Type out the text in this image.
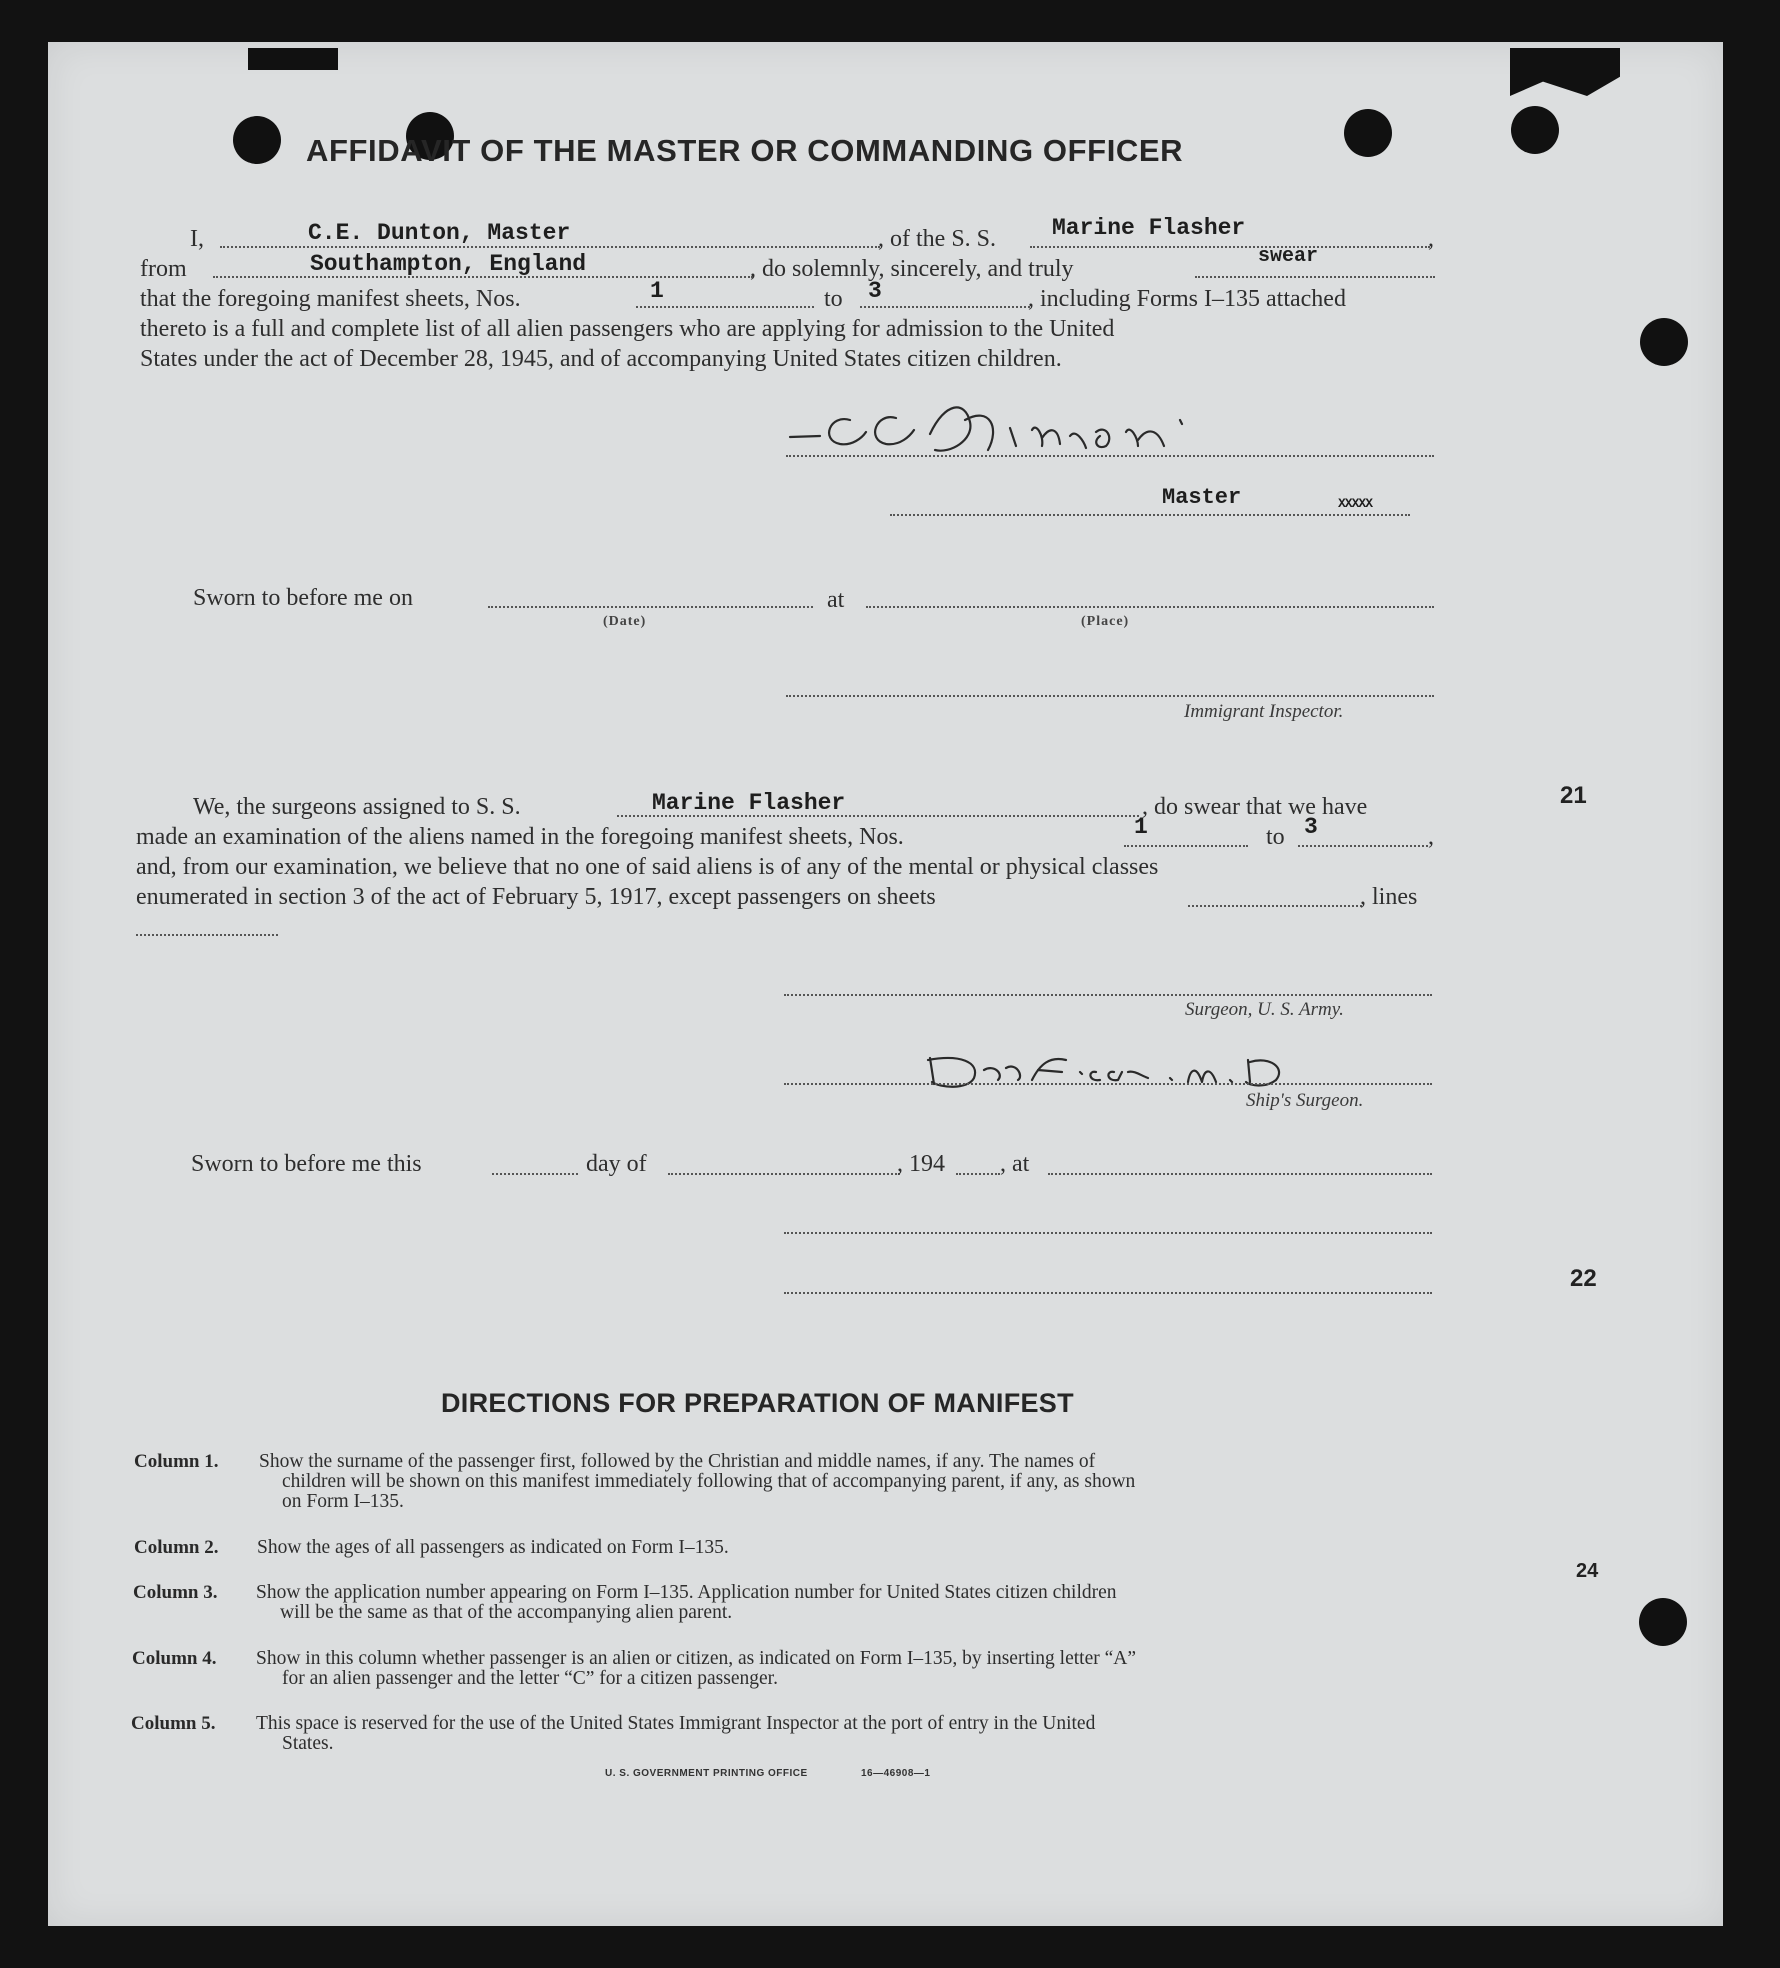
AFFIDAVIT OF THE MASTER OR COMMANDING OFFICER
I,	C.E. Dunton, Master	, of the S. S. Marine Flasher	,
from	Southampton, England	, do solemnly, sincerely, and truly	swear
that the foregoing manifest sheets, Nos.	1	to 3	, including Forms I–135 attached
thereto is a full and complete list of all alien passengers who are applying for admission to the United
States under the act of December 28, 1945, and of accompanying United States citizen children.
C.E. Dunton
Master	XXXXX
Sworn to before me on
(Date)
at
(Place)
Immigrant Inspector.
We, the surgeons assigned to S. S.	Marine Flasher	, do swear that we have
made an examination of the aliens named in the foregoing manifest sheets, Nos.	1	to 3	,
and, from our examination, we believe that no one of said aliens is of any of the mental or physical classes
enumerated in section 3 of the act of February 5, 1917, except passengers on sheets	, lines
Surgeon, U. S. Army.
D. W. Fear, M.D.	Ship's Surgeon.
Sworn to before me this	day of	, 194 , at
DIRECTIONS FOR PREPARATION OF MANIFEST
Column 1. Show the surname of the passenger first, followed by the Christian and middle names, if any. The names of
children will be shown on this manifest immediately following that of accompanying parent, if any, as shown
on Form I–135.
Column 2. Show the ages of all passengers as indicated on Form I–135.
Column 3. Show the application number appearing on Form I–135. Application number for United States citizen children
will be the same as that of the accompanying alien parent.
Column 4. Show in this column whether passenger is an alien or citizen, as indicated on Form I–135, by inserting letter “A”
for an alien passenger and the letter “C” for a citizen passenger.
Column 5. This space is reserved for the use of the United States Immigrant Inspector at the port of entry in the United
States.
U. S. GOVERNMENT PRINTING OFFICE	16—46908—1
21
22
24
